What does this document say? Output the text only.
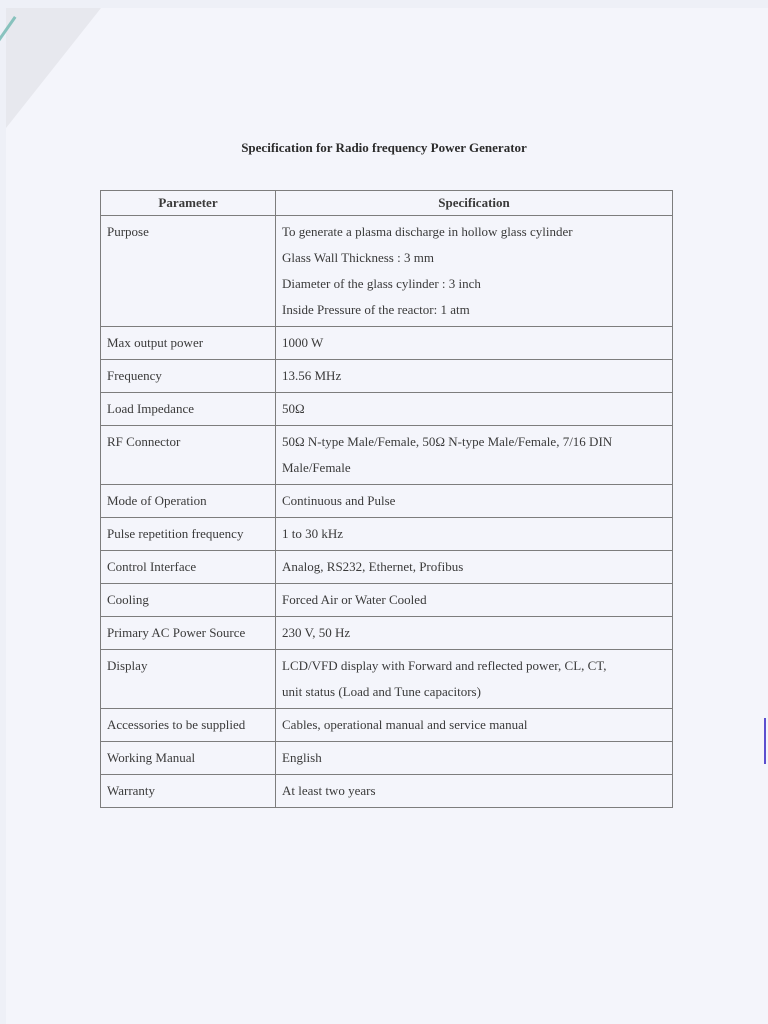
Specification for Radio frequency Power Generator
Parameter	Specification
Purpose	To generate a plasma discharge in hollow glass cylinder
Glass Wall Thickness : 3 mm
Diameter of the glass cylinder : 3 inch
Inside Pressure of the reactor: 1 atm

Max output power	1000 W

Frequency	13.56 MHz

Load Impedance	50Ω

RF Connector	50Ω N-type Male/Female, 50Ω N-type Male/Female, 7/16 DIN
Male/Female

Mode of Operation	Continuous and Pulse

Pulse repetition frequency	1 to 30 kHz

Control Interface	Analog, RS232, Ethernet, Profibus

Cooling	Forced Air or Water Cooled

Primary AC Power Source	230 V, 50 Hz

Display	LCD/VFD display with Forward and reflected power, CL, CT,
unit status (Load and Tune capacitors)

Accessories to be supplied	Cables, operational manual and service manual

Working Manual	English

Warranty	At least two years
